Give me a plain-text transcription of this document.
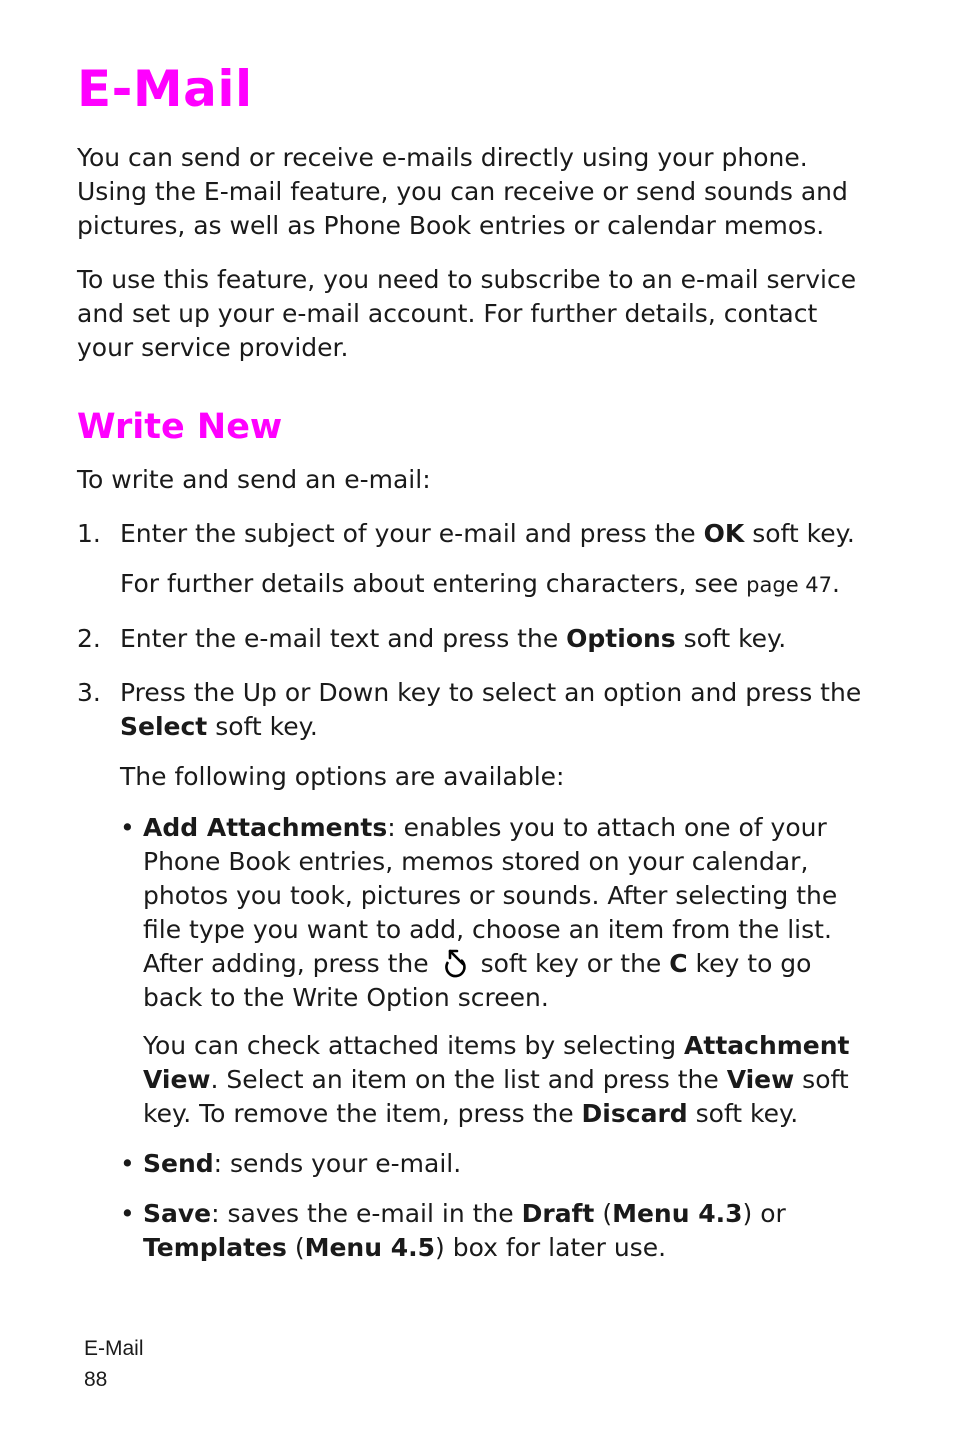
E-Mail

You can send or receive e-mails directly using your phone. Using the E-mail feature, you can receive or send sounds and pictures, as well as Phone Book entries or calendar memos.

To use this feature, you need to subscribe to an e-mail service and set up your e-mail account. For further details, contact your service provider.

Write New

To write and send an e-mail:

1. Enter the subject of your e-mail and press the OK soft key.

For further details about entering characters, see page 47.

2. Enter the e-mail text and press the Options soft key.
3. Press the Up or Down key to select an option and press the Select soft key.

The following options are available:

• Add Attachments: enables you to attach one of your Phone Book entries, memos stored on your calendar, photos you took, pictures or sounds. After selecting the file type you want to add, choose an item from the list. After adding, press the soft key or the C key to go back to the Write Option screen.

You can check attached items by selecting Attachment View. Select an item on the list and press the View soft key. To remove the item, press the Discard soft key.

• Send: sends your e-mail.
• Save: saves the e-mail in the Draft (Menu 4.3) or Templates (Menu 4.5) box for later use.
E-Mail
88
